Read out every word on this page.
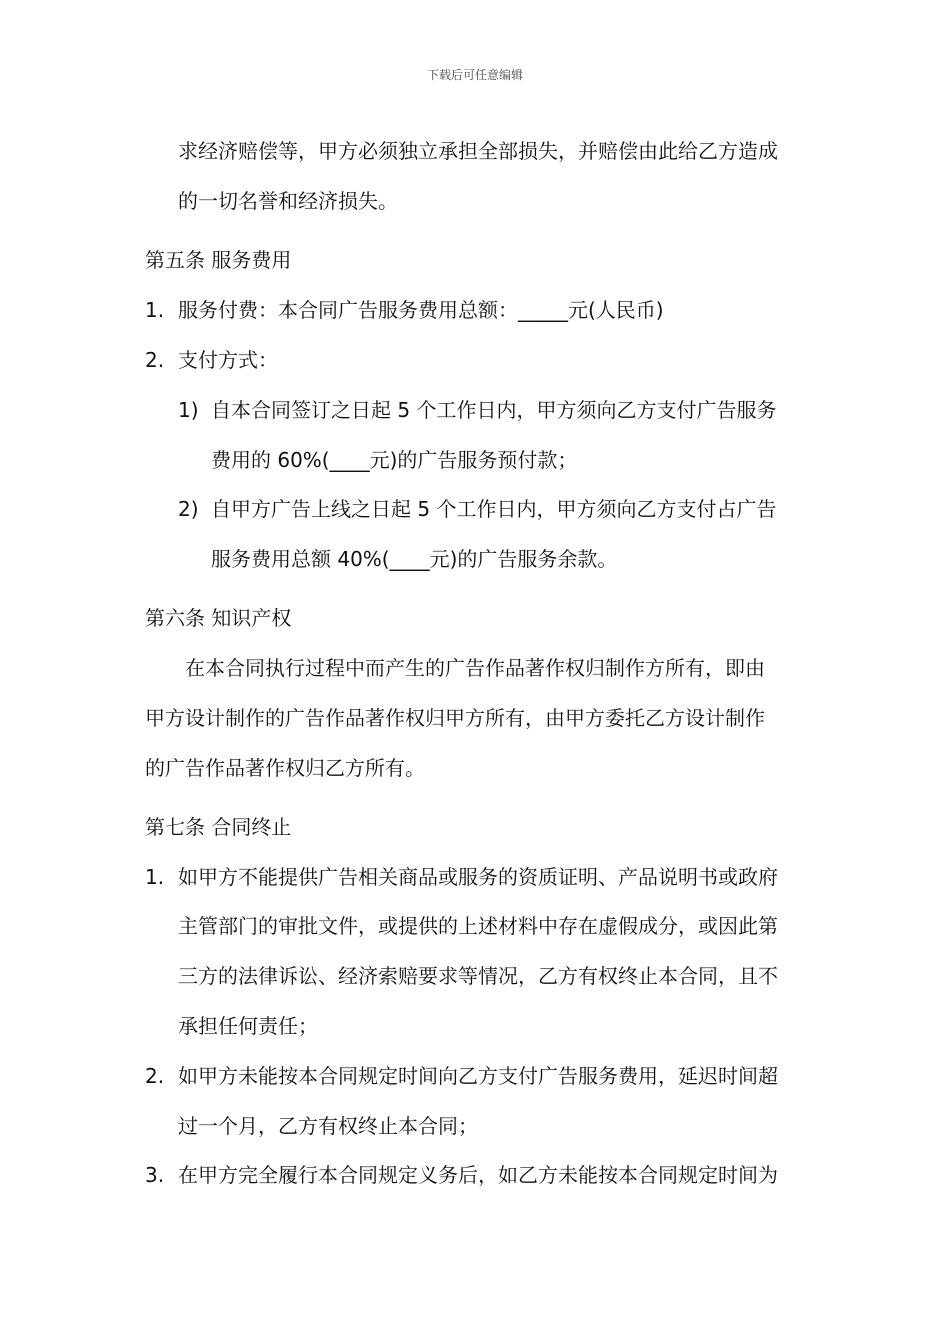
下载后可任意编辑
求经济赔偿等，甲方必须独立承担全部损失，并赔偿由此给乙方造成
的一切名誉和经济损失。
第五条 服务费用
1. 服务付费：本合同广告服务费用总额：_____元(人民币)
2. 支付方式：
1) 自本合同签订之日起 5 个工作日内，甲方须向乙方支付广告服务
费用的 60%(____元)的广告服务预付款；
2) 自甲方广告上线之日起 5 个工作日内，甲方须向乙方支付占广告
服务费用总额 40%(____元)的广告服务余款。
第六条 知识产权
在本合同执行过程中而产生的广告作品著作权归制作方所有，即由
甲方设计制作的广告作品著作权归甲方所有，由甲方委托乙方设计制作
的广告作品著作权归乙方所有。
第七条 合同终止
1. 如甲方不能提供广告相关商品或服务的资质证明、产品说明书或政府
主管部门的审批文件，或提供的上述材料中存在虚假成分，或因此第
三方的法律诉讼、经济索赔要求等情况，乙方有权终止本合同，且不
承担任何责任；
2. 如甲方未能按本合同规定时间向乙方支付广告服务费用，延迟时间超
过一个月，乙方有权终止本合同；
3. 在甲方完全履行本合同规定义务后，如乙方未能按本合同规定时间为
